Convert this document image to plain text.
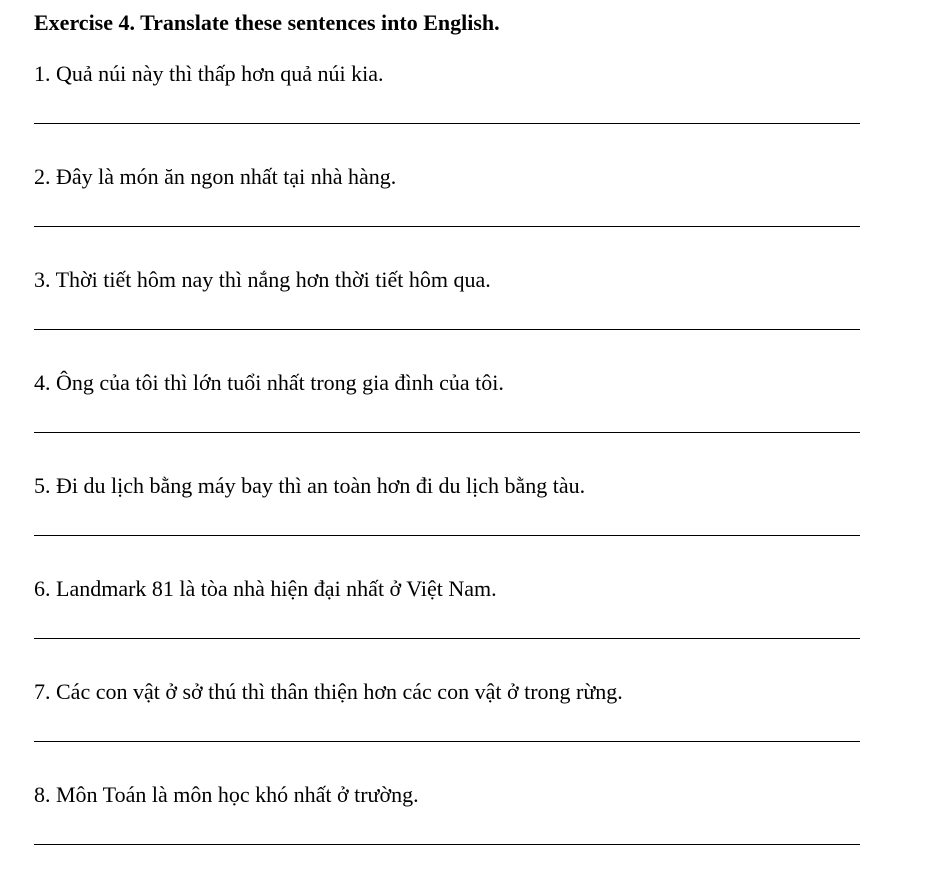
Exercise 4. Translate these sentences into English.
1. Quả núi này thì thấp hơn quả núi kia.
2. Đây là món ăn ngon nhất tại nhà hàng.
3. Thời tiết hôm nay thì nắng hơn thời tiết hôm qua.
4. Ông của tôi thì lớn tuổi nhất trong gia đình của tôi.
5. Đi du lịch bằng máy bay thì an toàn hơn đi du lịch bằng tàu.
6. Landmark 81 là tòa nhà hiện đại nhất ở Việt Nam.
7. Các con vật ở sở thú thì thân thiện hơn các con vật ở trong rừng.
8. Môn Toán là môn học khó nhất ở trường.
